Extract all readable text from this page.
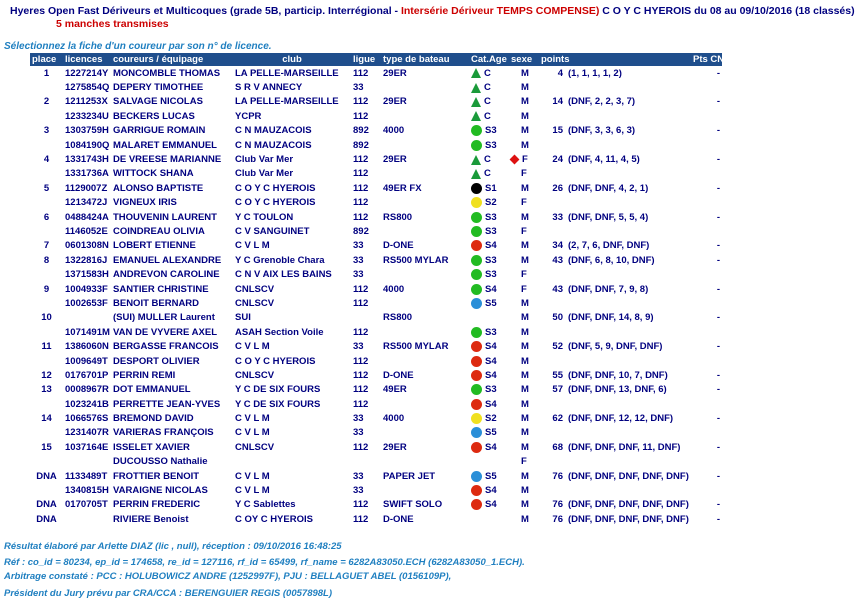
Hyeres Open Fast Dériveurs et Multicoques (grade 5B, particip. Interrégional - Intersérie Dériveur TEMPS COMPENSE) C O Y C HYEROIS du 08 au 09/10/2016 (18 classés)
5 manches transmises
Sélectionnez la fiche d'un coureur par son n° de licence.
place	licences	coureurs / équipage	club	ligue	type de bateau	Cat.Age	sexe	points	Pts CNI
1	1227214Y	MONCOMBLE THOMAS	LA PELLE-MARSEILLE	112	29ER	C	M	4 (1, 1, 1, 1, 2)	-
	1275854Q	DEPERY TIMOTHEE	S R V ANNECY	33		C	M		
2	1211253X	SALVAGE NICOLAS	LA PELLE-MARSEILLE	112	29ER	C	M	14 (DNF, 2, 2, 3, 7)	-
	1233234U	BECKERS LUCAS	YCPR	112		C	M		
3	1303759H	GARRIGUE ROMAIN	C N MAUZACOIS	892	4000	S3	M	15 (DNF, 3, 3, 6, 3)	-
	1084190Q	MALARET EMMANUEL	C N MAUZACOIS	892		S3	M		
4	1331743H	DE VREESE MARIANNE	Club Var Mer	112	29ER	C	F	24 (DNF, 4, 11, 4, 5)	-
	1331736A	WITTOCK SHANA	Club Var Mer	112		C	F		
5	1129007Z	ALONSO BAPTISTE	C O Y C HYEROIS	112	49ER FX	S1	M	26 (DNF, DNF, 4, 2, 1)	-
	1213472J	VIGNEUX IRIS	C O Y C HYEROIS	112		S2	F		
6	0488424A	THOUVENIN LAURENT	Y C TOULON	112	RS800	S3	M	33 (DNF, DNF, 5, 5, 4)	-
	1146052E	COINDREAU OLIVIA	C V SANGUINET	892		S3	F		
7	0601308N	LOBERT ETIENNE	C V L M	33	D-ONE	S4	M	34 (2, 7, 6, DNF, DNF)	-
8	1322816J	EMANUEL ALEXANDRE	Y C Grenoble Chara	33	RS500 MYLAR	S3	M	43 (DNF, 6, 8, 10, DNF)	-
	1371583H	ANDREVON CAROLINE	C N V AIX LES BAINS	33		S3	F		
9	1004933F	SANTIER CHRISTINE	CNLSCV	112	4000	S4	F	43 (DNF, DNF, 7, 9, 8)	-
	1002653F	BENOIT BERNARD	CNLSCV	112		S5	M		
10		(SUI) MULLER Laurent	SUI		RS800		M	50 (DNF, DNF, 14, 8, 9)	-
	1071491M	VAN DE VYVERE AXEL	ASAH Section Voile	112		S3	M		
11	1386060N	BERGASSE FRANCOIS	C V L M	33	RS500 MYLAR	S4	M	52 (DNF, 5, 9, DNF, DNF)	-
	1009649T	DESPORT OLIVIER	C O Y C HYEROIS	112		S4	M		
12	0176701P	PERRIN REMI	CNLSCV	112	D-ONE	S4	M	55 (DNF, DNF, 10, 7, DNF)	-
13	0008967R	DOT EMMANUEL	Y C DE SIX FOURS	112	49ER	S3	M	57 (DNF, DNF, 13, DNF, 6)	-
	1023241B	PERRETTE JEAN-YVES	Y C DE SIX FOURS	112		S4	M		
14	1066576S	BREMOND DAVID	C V L M	33	4000	S2	M	62 (DNF, DNF, 12, 12, DNF)	-
	1231407R	VARIERAS FRANÇOIS	C V L M	33		S5	M		
15	1037164E	ISSELET XAVIER	CNLSCV	112	29ER	S4	M	68 (DNF, DNF, DNF, 11, DNF)	-
		DUCOUSSO Nathalie					F		
DNA	1133489T	FROTTIER BENOIT	C V L M	33	PAPER JET	S5	M	76 (DNF, DNF, DNF, DNF, DNF)	-
	1340815H	VARAIGNE NICOLAS	C V L M	33		S4	M		
DNA	0170705T	PERRIN FREDERIC	Y C Sablettes	112	SWIFT SOLO	S4	M	76 (DNF, DNF, DNF, DNF, DNF)	-
DNA		RIVIERE Benoist	C OY C HYEROIS	112	D-ONE		M	76 (DNF, DNF, DNF, DNF, DNF)	-
Résultat élaboré par Arlette DIAZ (lic , null), réception : 09/10/2016 16:48:25
Réf : co_id = 80234, ep_id = 174658, re_id = 127116, rf_id = 65499, rf_name = 6282A83050.ECH (6282A83050_1.ECH).
Arbitrage constaté : PCC : HOLUBOWICZ ANDRE (1252997F), PJU : BELLAGUET ABEL (0156109P),
Président du Jury prévu par CRA/CCA : BERENGUIER REGIS (0057898L)
